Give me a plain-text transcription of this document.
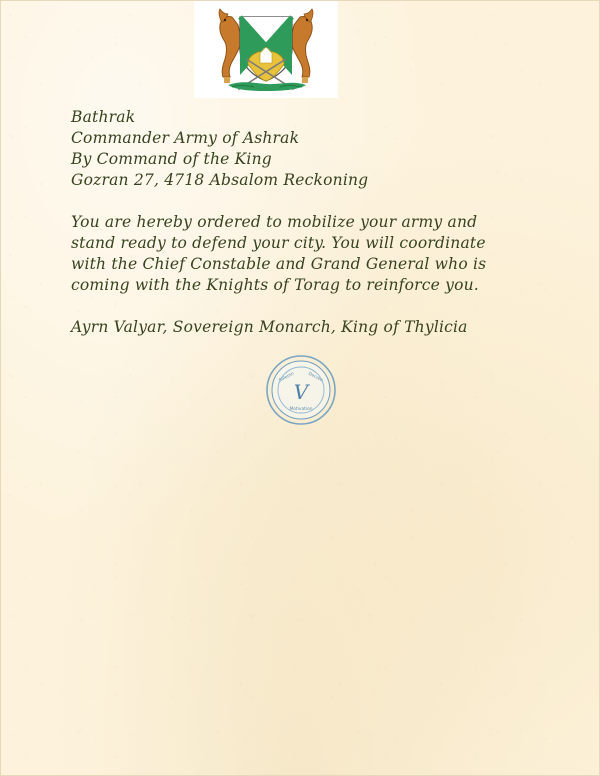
Bathrak
Commander Army of Ashrak
By Command of the King
Gozran 27, 4718 Absalom Reckoning
You are hereby ordered to mobilize your army and stand ready to defend your city. You will coordinate with the Chief Constable and Grand General who is coming with the Knights of Torag to reinforce you.
Ayrn Valyar, Sovereign Monarch, King of Thylicia
V
Solemn	Decree
Motivation
